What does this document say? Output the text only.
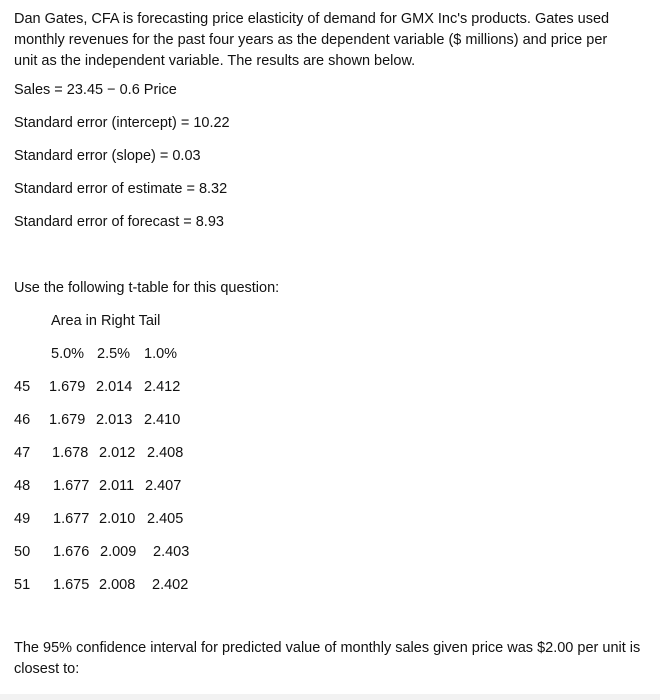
Dan Gates, CFA is forecasting price elasticity of demand for GMX Inc's products. Gates used monthly revenues for the past four years as the dependent variable ($ millions) and price per unit as the independent variable. The results are shown below.
Sales = 23.45 − 0.6 Price
Standard error (intercept) = 10.22
Standard error (slope) = 0.03
Standard error of estimate = 8.32
Standard error of forecast = 8.93
Use the following t-table for this question:
Area in Right Tail
5.0% 2.5% 1.0%
45 1.679 2.014 2.412
46 1.679 2.013 2.410
47 1.678 2.012 2.408
48 1.677 2.011 2.407
49 1.677 2.010 2.405
50 1.676 2.009 2.403
51 1.675 2.008 2.402
The 95% confidence interval for predicted value of monthly sales given price was $2.00 per unit is closest to:
